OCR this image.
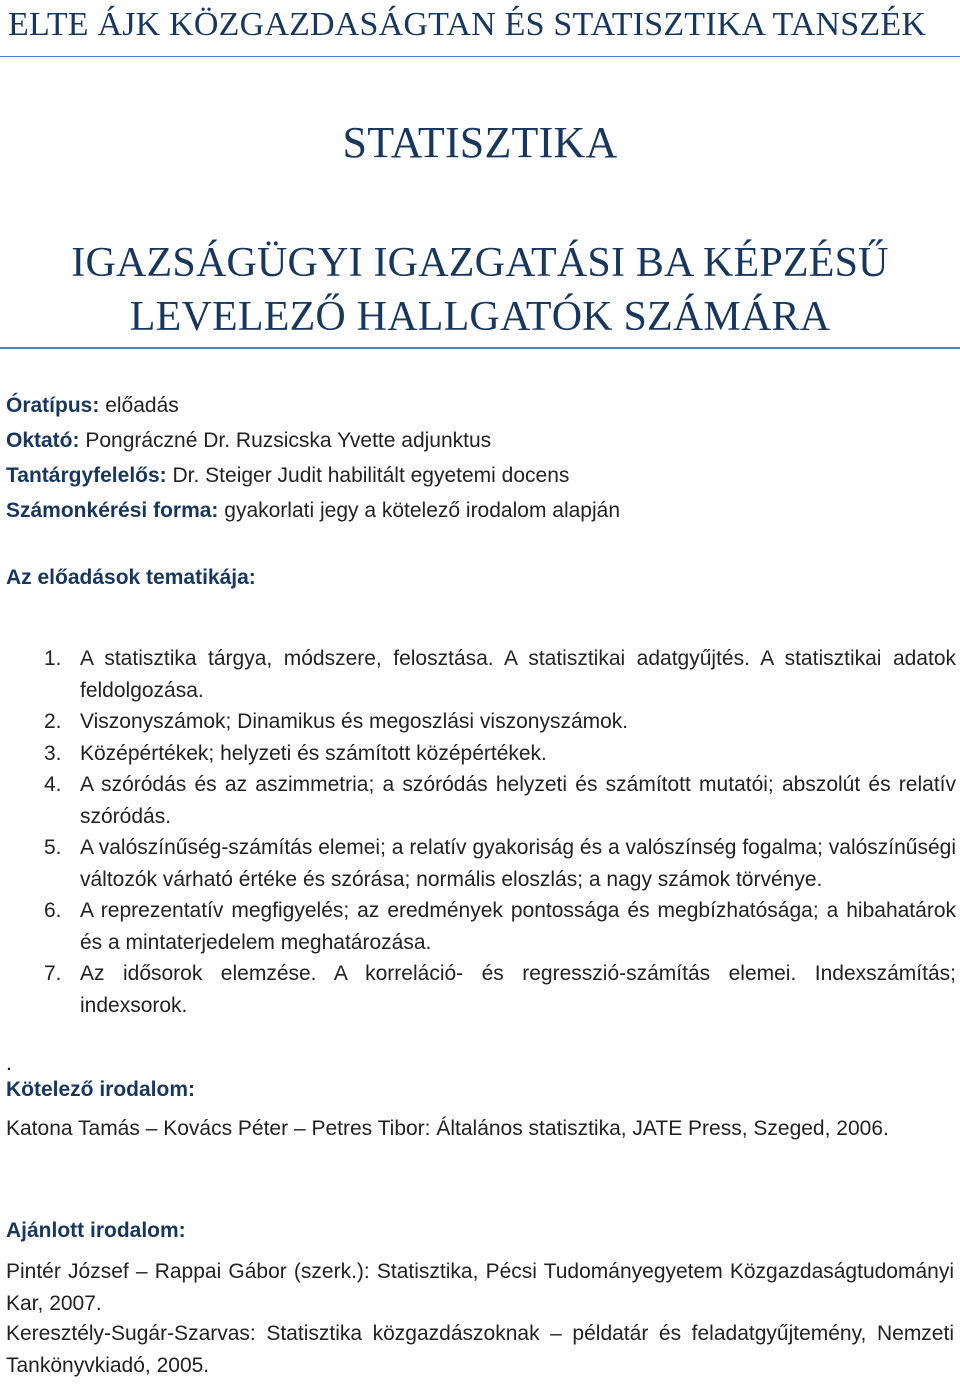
ELTE ÁJK KÖZGAZDASÁGTAN ÉS STATISZTIKA TANSZÉK
STATISZTIKA
IGAZSÁGÜGYI IGAZGATÁSI BA KÉPZÉSŰ
LEVELEZŐ HALLGATÓK SZÁMÁRA
Óratípus: előadás
Oktató: Pongráczné Dr. Ruzsicska Yvette adjunktus
Tantárgyfelelős: Dr. Steiger Judit habilitált egyetemi docens
Számonkérési forma: gyakorlati jegy a kötelező irodalom alapján
Az előadások tematikája:
1. A statisztika tárgya, módszere, felosztása. A statisztikai adatgyűjtés. A statisztikai adatok feldolgozása.
2. Viszonyszámok; Dinamikus és megoszlási viszonyszámok.
3. Középértékek; helyzeti és számított középértékek.
4. A szóródás és az aszimmetria; a szóródás helyzeti és számított mutatói; abszolút és relatív szóródás.
5. A valószínűség-számítás elemei; a relatív gyakoriság és a valószínség fogalma; valószínűségi változók várható értéke és szórása; normális eloszlás; a nagy számok törvénye.
6. A reprezentatív megfigyelés; az eredmények pontossága és megbízhatósága; a hibahatárok és a mintaterjedelem meghatározása.
7. Az idősorok elemzése. A korreláció- és regresszió-számítás elemei. Indexszámítás; indexsorok.
.
Kötelező irodalom:
Katona Tamás – Kovács Péter – Petres Tibor: Általános statisztika, JATE Press, Szeged, 2006.
Ajánlott irodalom:
Pintér József – Rappai Gábor (szerk.): Statisztika, Pécsi Tudományegyetem Közgazdaságtudományi Kar, 2007.
Keresztély-Sugár-Szarvas: Statisztika közgazdászoknak – példatár és feladatgyűjtemény, Nemzeti Tankönyvkiadó, 2005.
